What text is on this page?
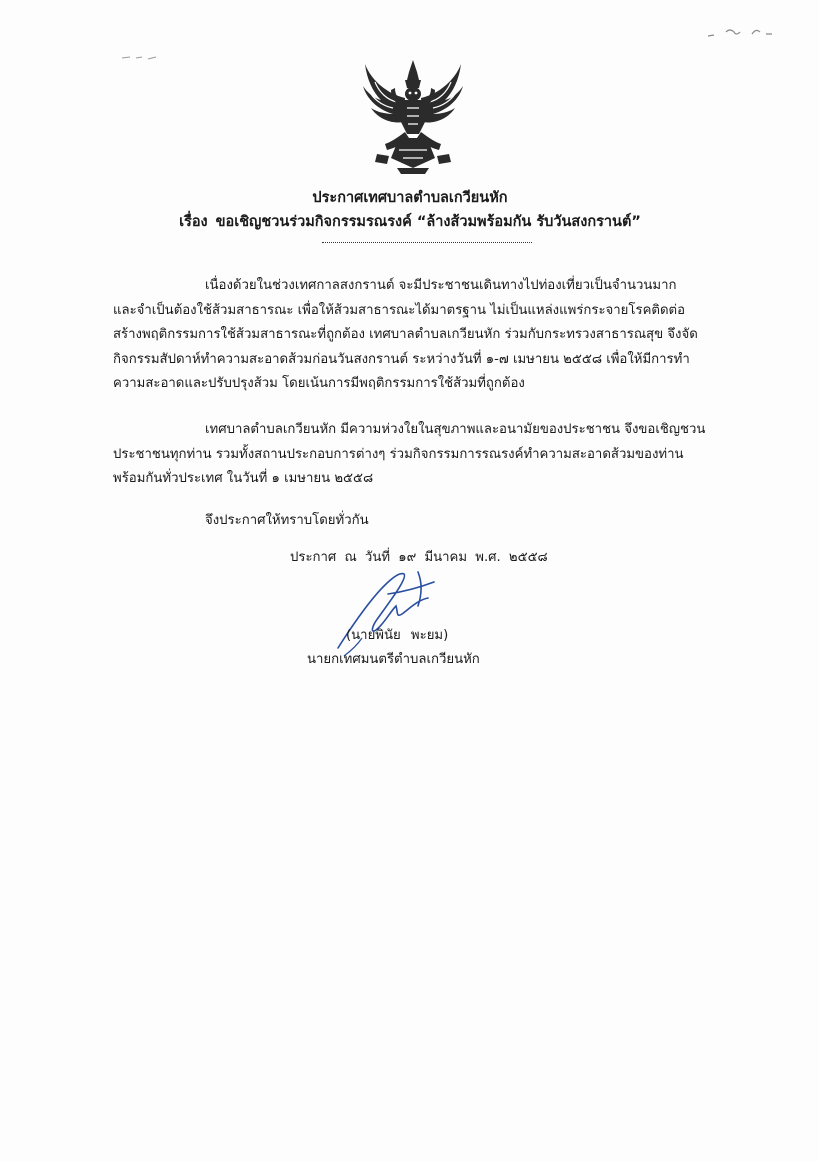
ประกาศเทศบาลตำบลเกวียนหัก
เรื่อง ขอเชิญชวนร่วมกิจกรรมรณรงค์ “ล้างส้วมพร้อมกัน รับวันสงกรานต์”
เนื่องด้วยในช่วงเทศกาลสงกรานต์ จะมีประชาชนเดินทางไปท่องเที่ยวเป็นจำนวนมาก
และจำเป็นต้องใช้ส้วมสาธารณะ เพื่อให้ส้วมสาธารณะได้มาตรฐาน ไม่เป็นแหล่งแพร่กระจายโรคติดต่อ
สร้างพฤติกรรมการใช้ส้วมสาธารณะที่ถูกต้อง เทศบาลตำบลเกวียนหัก ร่วมกับกระทรวงสาธารณสุข จึงจัด
กิจกรรมสัปดาห์ทำความสะอาดส้วมก่อนวันสงกรานต์ ระหว่างวันที่ ๑-๗ เมษายน ๒๕๕๘ เพื่อให้มีการทำ
ความสะอาดและปรับปรุงส้วม โดยเน้นการมีพฤติกรรมการใช้ส้วมที่ถูกต้อง
เทศบาลตำบลเกวียนหัก มีความห่วงใยในสุขภาพและอนามัยของประชาชน จึงขอเชิญชวน
ประชาชนทุกท่าน รวมทั้งสถานประกอบการต่างๆ ร่วมกิจกรรมการรณรงค์ทำความสะอาดส้วมของท่าน
พร้อมกันทั่วประเทศ ในวันที่ ๑ เมษายน ๒๕๕๘
จึงประกาศให้ทราบโดยทั่วกัน
ประกาศ ณ วันที่ ๑๙ มีนาคม พ.ศ. ๒๕๕๘
(นายพินัย พะยม)
นายกเทศมนตรีตำบลเกวียนหัก
